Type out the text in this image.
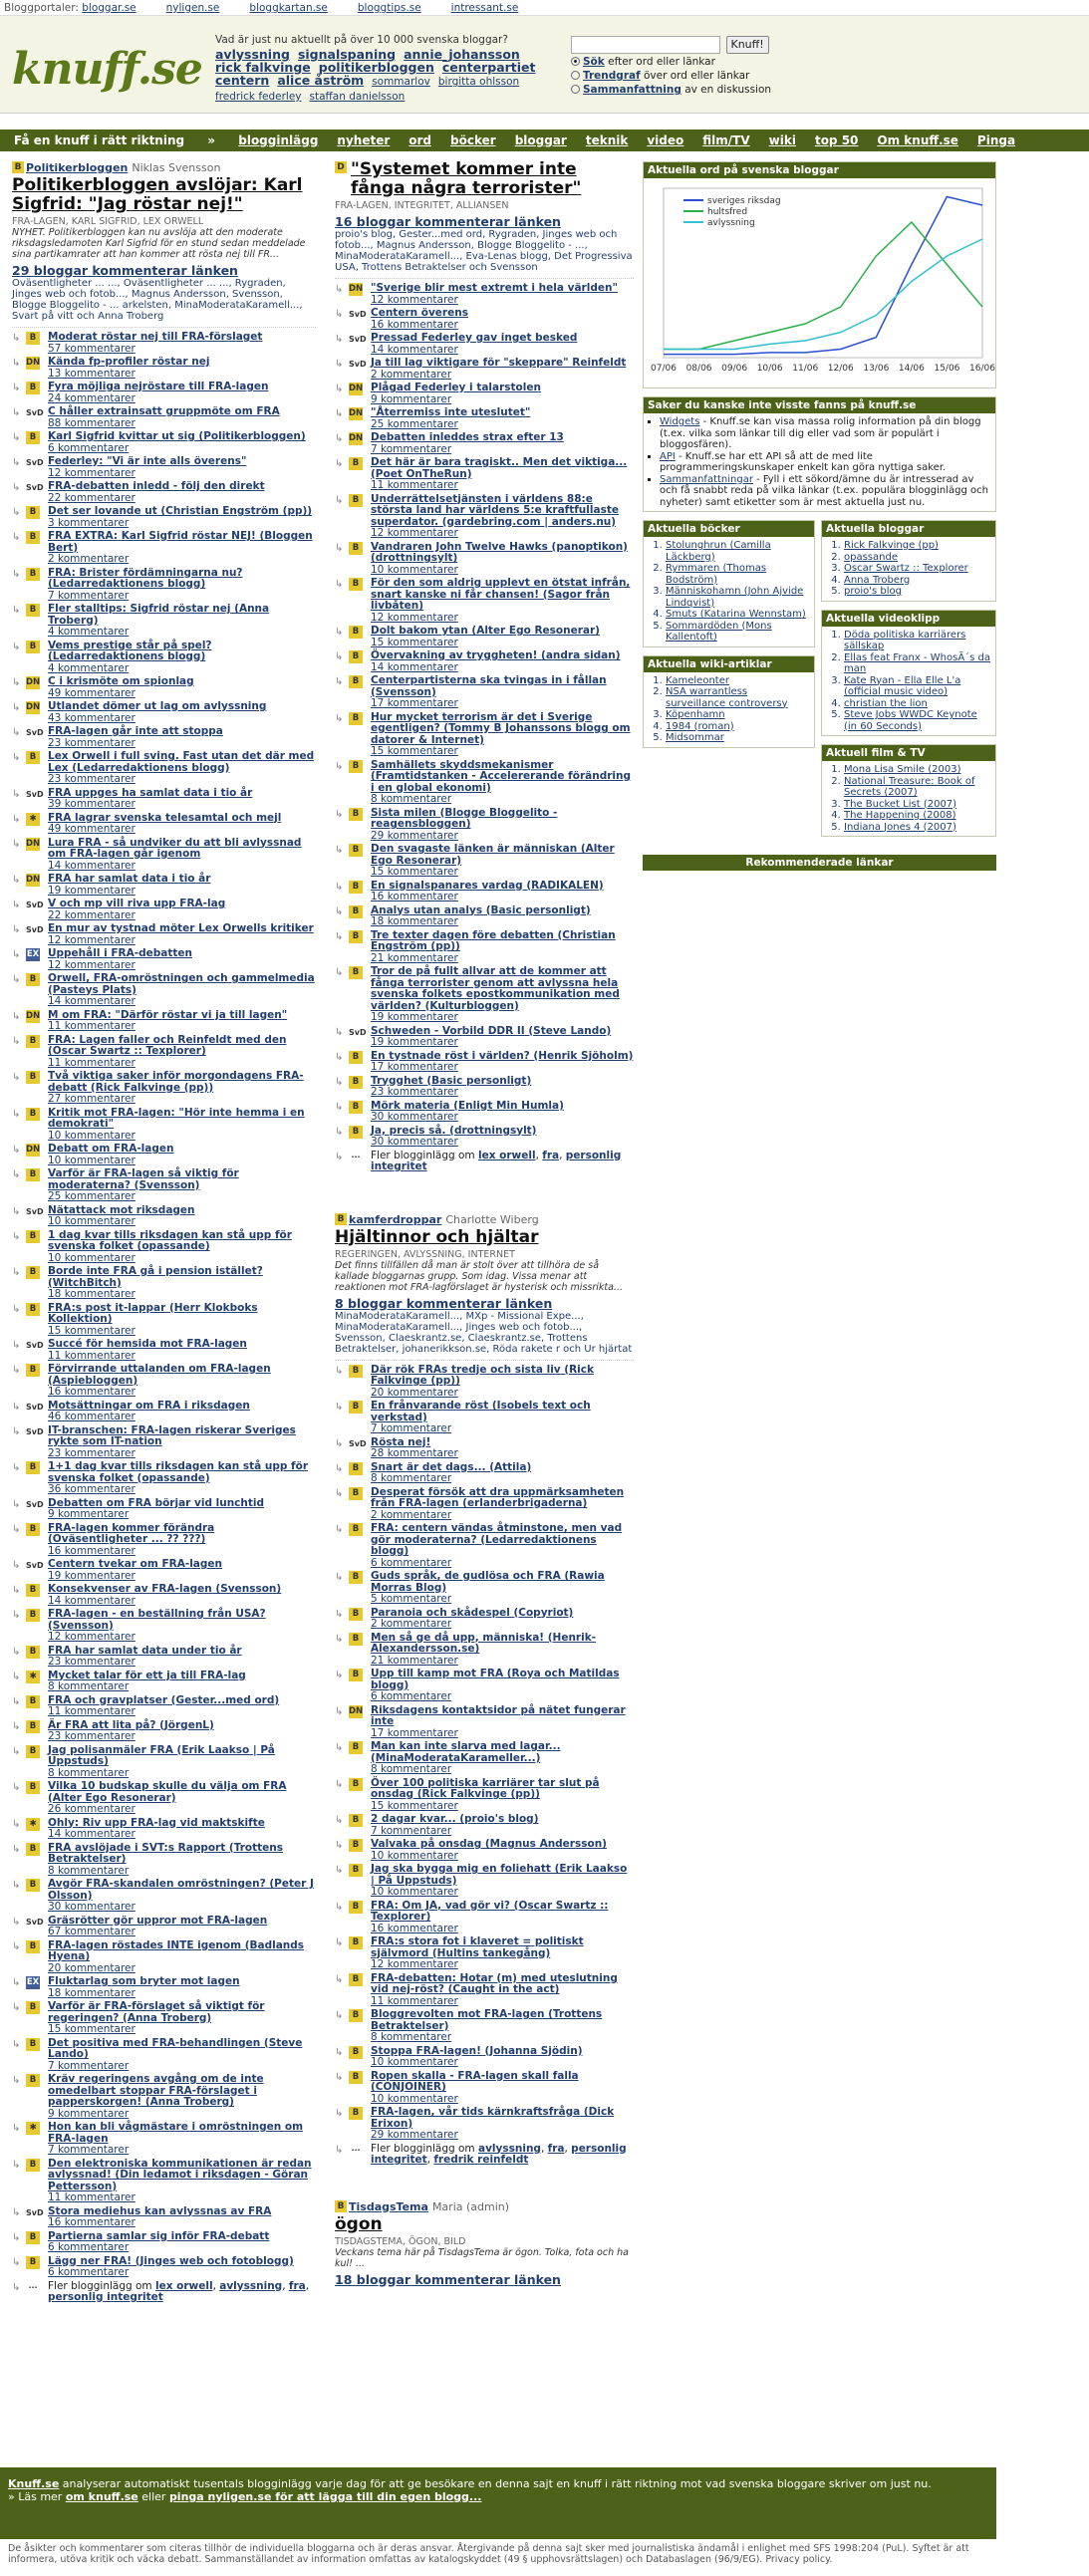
Bloggportaler: bloggar.se	nyligen.se	bloggkartan.se	bloggtips.se	intressant.se
knuff.se
Vad är just nu aktuellt på över 10 000 svenska bloggar?
avlyssning signalspaning annie_johanssonrick falkvinge politikerbloggen centerpartietcentern alice åström sommarlov birgitta ohlssonfredrick federley staffan danielsson
Knuff!
Sök efter ord eller länkar
Trendgraf över ord eller länkar
Sammanfattning av en diskussion
Få en knuff i rätt riktning » blogginlägg nyheter ord böcker bloggar teknik video film/TV wiki top 50 Om knuff.se Pinga
B Politikerbloggen Niklas Svensson
Politikerbloggen avslöjar: Karl Sigfrid: "Jag röstar nej!"
FRA-LAGEN, KARL SIGFRID, LEX ORWELL
NYHET. Politikerbloggen kan nu avslöja att den moderate riksdagsledamoten Karl Sigfrid för en stund sedan meddelade sina partikamrater att han kommer att rösta nej till FR...
29 bloggar kommenterar länken
Oväsentligheter ... ..., Oväsentligheter ... ..., Rygraden, Jinges web och fotob..., Magnus Andersson, Svensson, Blogge Bloggelito - ... arkelsten, MinaModerataKaramell..., Svart på vitt och Anna Troberg
↳	B	Moderat röstar nej till FRA-förslaget
57 kommentarer
↳ DN Kända fp-profiler röstar nej
13 kommentarer
↳	B	Fyra möjliga nejröstare till FRA-lagen
24 kommentarer
↳ SvD C håller extrainsatt gruppmöte om FRA
88 kommentarer
↳	B	Karl Sigfrid kvittar ut sig (Politikerbloggen)
6 kommentarer
↳ SvD Federley: "Vi är inte alls överens"
12 kommentarer
↳ SvD FRA-debatten inledd - följ den direkt
22 kommentarer
↳	B	Det ser lovande ut (Christian Engström (pp))
3 kommentarer
↳	B	FRA EXTRA: Karl Sigfrid röstar NEJ! (Bloggen Bert)
2 kommentarer
↳	B	FRA: Brister fördämningarna nu? (Ledarredaktionens blogg)
7 kommentarer
↳	B	Fler stalltips: Sigfrid röstar nej (Anna Troberg)
4 kommentarer
↳	B	Vems prestige står på spel? (Ledarredaktionens blogg)
4 kommentarer
↳ DN C i krismöte om spionlag
49 kommentarer
↳ DN Utlandet dömer ut lag om avlyssning
43 kommentarer
↳ SvD FRA-lagen går inte att stoppa
23 kommentarer
↳	B	Lex Orwell i full sving. Fast utan det där med Lex (Ledarredaktionens blogg)
23 kommentarer
↳ SvD FRA uppges ha samlat data i tio år
39 kommentarer
↳	✱	FRA lagrar svenska telesamtal och mejl
49 kommentarer
↳ DN Lura FRA - så undviker du att bli avlyssnad om FRA-lagen går igenom
14 kommentarer
↳ DN FRA har samlat data i tio år
19 kommentarer
↳ SvD V och mp vill riva upp FRA-lag
22 kommentarer
↳ SvD En mur av tystnad möter Lex Orwells kritiker
12 kommentarer
↳ EX Uppehåll i FRA-debatten
12 kommentarer
↳	B	Orwell, FRA-omröstningen och gammelmedia (Pasteys Plats)
14 kommentarer
↳ DN M om FRA: "Därför röstar vi ja till lagen"
11 kommentarer
↳	B	FRA: Lagen faller och Reinfeldt med den (Oscar Swartz :: Texplorer)
11 kommentarer
↳	B	Två viktiga saker inför morgondagens FRA-debatt (Rick Falkvinge (pp))
27 kommentarer
↳	B	Kritik mot FRA-lagen: "Hör inte hemma i en demokrati"
10 kommentarer
↳ DN Debatt om FRA-lagen
10 kommentarer
↳	B	Varför är FRA-lagen så viktig för moderaterna? (Svensson)
25 kommentarer
↳ SvD Nätattack mot riksdagen
10 kommentarer
↳	B	1 dag kvar tills riksdagen kan stå upp för svenska folket (opassande)
10 kommentarer
↳	B	Borde inte FRA gå i pension istället? (WitchBitch)
18 kommentarer
↳	B	FRA:s post it-lappar (Herr Klokboks Kollektion)
15 kommentarer
↳ SvD Succé för hemsida mot FRA-lagen
11 kommentarer
↳	B	Förvirrande uttalanden om FRA-lagen (Aspiebloggen)
16 kommentarer
↳ SvD Motsättningar om FRA i riksdagen
46 kommentarer
↳ SvD IT-branschen: FRA-lagen riskerar Sveriges rykte som IT-nation
23 kommentarer
↳	B	1+1 dag kvar tills riksdagen kan stå upp för svenska folket (opassande)
36 kommentarer
↳ SvD Debatten om FRA börjar vid lunchtid
9 kommentarer
↳	B	FRA-lagen kommer förändra (Oväsentligheter ... ?? ???)
16 kommentarer
↳ SvD Centern tvekar om FRA-lagen
19 kommentarer
↳	B	Konsekvenser av FRA-lagen (Svensson)
14 kommentarer
↳	B	FRA-lagen - en beställning från USA? (Svensson)
12 kommentarer
↳	B	FRA har samlat data under tio år
23 kommentarer
↳	✱	Mycket talar för ett ja till FRA-lag
8 kommentarer
↳	B	FRA och gravplatser (Gester...med ord)
11 kommentarer
↳	B	Är FRA att lita på? (JörgenL)
23 kommentarer
↳	B	Jag polisanmäler FRA (Erik Laakso | På Uppstuds)
8 kommentarer
↳	B	Vilka 10 budskap skulle du välja om FRA (Alter Ego Resonerar)
26 kommentarer
↳	✱	Ohly: Riv upp FRA-lag vid maktskifte
14 kommentarer
↳	B	FRA avslöjade i SVT:s Rapport (Trottens Betraktelser)
8 kommentarer
↳	B	Avgör FRA-skandalen omröstningen? (Peter J Olsson)
30 kommentarer
↳ SvD Gräsrötter gör uppror mot FRA-lagen
67 kommentarer
↳	B	FRA-lagen röstades INTE igenom (Badlands Hyena)
20 kommentarer
↳ EX Fluktarlag som bryter mot lagen
18 kommentarer
↳	B	Varför är FRA-förslaget så viktigt för regeringen? (Anna Troberg)
15 kommentarer
↳	B	Det positiva med FRA-behandlingen (Steve Lando)
7 kommentarer
↳	B	Kräv regeringens avgång om de inte omedelbart stoppar FRA-förslaget i papperskorgen! (Anna Troberg)
9 kommentarer
↳	✱	Hon kan bli vågmästare i omröstningen om FRA-lagen
7 kommentarer
↳	B	Den elektroniska kommunikationen är redan avlyssnad! (Din ledamot i riksdagen - Göran Pettersson)
11 kommentarer
↳ SvD Stora mediehus kan avlyssnas av FRA
16 kommentarer
↳	B	Partierna samlar sig inför FRA-debatt
6 kommentarer
↳	B	Lägg ner FRA! (Jinges web och fotoblogg)
6 kommentarer
↳	··· Fler blogginlägg om lex orwell, avlyssning, fra, personlig integritet
D "Systemet kommer inte fånga några terrorister"
FRA-LAGEN, INTEGRITET, ALLIANSEN
16 bloggar kommenterar länken
proio's blog, Gester...med ord, Rygraden, Jinges web och fotob..., Magnus Andersson, Blogge Bloggelito - ..., MinaModerataKaramell..., Eva-Lenas blogg, Det Progressiva USA, Trottens Betraktelser och Svensson
↳ DN "Sverige blir mest extremt i hela världen"
12 kommentarer
↳ SvD Centern överens
16 kommentarer
↳ SvD Pressad Federley gav inget besked
14 kommentarer
↳ SvD Ja till lag viktigare för "skeppare" Reinfeldt
2 kommentarer
↳ DN Plågad Federley i talarstolen
9 kommentarer
↳ DN "Återremiss inte uteslutet"
25 kommentarer
↳ DN Debatten inleddes strax efter 13
7 kommentarer
↳	B	Det här är bara tragiskt.. Men det viktiga... (Poet OnTheRun)
11 kommentarer
↳	B	Underrättelsetjänsten i världens 88:e största land har världens 5:e kraftfullaste superdator. (gardebring.com | anders.nu)
12 kommentarer
↳	B	Vandraren John Twelve Hawks (panoptikon) (drottningsylt)
10 kommentarer
↳	B	För den som aldrig upplevt en ötstat infrån, snart kanske ni får chansen! (Sagor från livbåten)
12 kommentarer
↳	B	Dolt bakom ytan (Alter Ego Resonerar)
15 kommentarer
↳	B	Övervakning av tryggheten! (andra sidan)
14 kommentarer
↳	B	Centerpartisterna ska tvingas in i fållan (Svensson)
17 kommentarer
↳	B	Hur mycket terrorism är det i Sverige egentligen? (Tommy B Johanssons blogg om datorer & Internet)
15 kommentarer
↳	B	Samhällets skyddsmekanismer (Framtidstanken - Accelererande förändring i en global ekonomi)
8 kommentarer
↳	B	Sista milen (Blogge Bloggelito - reagensbloggen)
29 kommentarer
↳	B	Den svagaste länken är människan (Alter Ego Resonerar)
15 kommentarer
↳	B	En signalspanares vardag (RADIKALEN)
16 kommentarer
↳	B	Analys utan analys (Basic personligt)
18 kommentarer
↳	B	Tre texter dagen före debatten (Christian Engström (pp))
21 kommentarer
↳	B	Tror de på fullt allvar att de kommer att fånga terrorister genom att avlyssna hela svenska folkets epostkommunikation med världen? (Kulturbloggen)
19 kommentarer
↳ SvD Schweden - Vorbild DDR II (Steve Lando)
19 kommentarer
↳	B	En tystnade röst i världen? (Henrik Sjöholm)
17 kommentarer
↳	B	Trygghet (Basic personligt)
23 kommentarer
↳	B	Mörk materia (Enligt Min Humla)
30 kommentarer
↳	B	Ja, precis så. (drottningsylt)
30 kommentarer
↳	··· Fler blogginlägg om lex orwell, fra, personlig integritet
B kamferdroppar Charlotte Wiberg
Hjältinnor och hjältar
REGERINGEN, AVLYSSNING, INTERNET
Det finns tillfällen då man är stolt över att tillhöra de så kallade bloggarnas grupp. Som idag. Vissa menar att reaktionen mot FRA-lagförslaget är hysterisk och missrikta...
8 bloggar kommenterar länken
MinaModerataKaramell..., MXp - Missional Expe..., MinaModerataKaramell..., Jinges web och fotob..., Svensson, Claeskrantz.se, Claeskrantz.se, Trottens Betraktelser, johanerikkson.se, Röda rakete r och Ur hjärtat
↳	B	Där rök FRAs tredje och sista liv (Rick Falkvinge (pp))
20 kommentarer
↳	B	En frånvarande röst (Isobels text och verkstad)
7 kommentarer
↳ SvD Rösta nej!
28 kommentarer
↳	B	Snart är det dags... (Attila)
8 kommentarer
↳	B	Desperat försök att dra uppmärksamheten från FRA-lagen (erlanderbrigaderna)
2 kommentarer
↳	B	FRA: centern vändas åtminstone, men vad gör moderaterna? (Ledarredaktionens blogg)
6 kommentarer
↳	B	Guds språk, de gudlösa och FRA (Rawia Morras Blog)
5 kommentarer
↳	B	Paranoia och skådespel (Copyriot)
2 kommentarer
↳	B	Men så ge då upp, människa! (Henrik-Alexandersson.se)
21 kommentarer
↳	B	Upp till kamp mot FRA (Roya och Matildas blogg)
6 kommentarer
↳ DN Riksdagens kontaktsidor på nätet fungerar inte
17 kommentarer
↳	B	Man kan inte slarva med lagar... (MinaModerataKarameller...)
8 kommentarer
↳	B	Över 100 politiska karriärer tar slut på onsdag (Rick Falkvinge (pp))
15 kommentarer
↳	B	2 dagar kvar... (proio's blog)
7 kommentarer
↳	B	Valvaka på onsdag (Magnus Andersson)
10 kommentarer
↳	B	Jag ska bygga mig en foliehatt (Erik Laakso | På Uppstuds)
10 kommentarer
↳	B	FRA: Om JA, vad gör vi? (Oscar Swartz :: Texplorer)
16 kommentarer
↳	B	FRA:s stora fot i klaveret = politiskt självmord (Hultins tankegång)
12 kommentarer
↳	B	FRA-debatten: Hotar (m) med uteslutning vid nej-röst? (Caught in the act)
11 kommentarer
↳	B	Bloggrevolten mot FRA-lagen (Trottens Betraktelser)
8 kommentarer
↳	B	Stoppa FRA-lagen! (Johanna Sjödin)
10 kommentarer
↳	B	Ropen skalla - FRA-lagen skall falla (CONJOINER)
10 kommentarer
↳	B	FRA-lagen, vår tids kärnkraftsfråga (Dick Erixon)
29 kommentarer
↳	··· Fler blogginlägg om avlyssning, fra, personlig integritet, fredrik reinfeldt
B TisdagsTema Maria (admin)
ögon
TISDAGSTEMA, ÖGON, BILD
Veckans tema här på TisdagsTema är ögon. Tolka, fota och ha kul! ...
18 bloggar kommenterar länken
Aktuella ord på svenska bloggar
sveriges riksdag
hultsfred
avlyssning
07/06 08/06 09/06 10/06 11/06 12/06 13/06 14/06 15/06 16/06
Saker du kanske inte visste fanns på knuff.se
▪ Widgets - Knuff.se kan visa massa rolig information på din blogg (t.ex. vilka som länkar till dig eller vad som är populärt i bloggosfären).
▪ API - Knuff.se har ett API så att de med lite programmeringskunskaper enkelt kan göra nyttiga saker.
▪ Sammanfattningar - Fyll i ett sökord/ämne du är intresserad av och få snabbt reda på vilka länkar (t.ex. populära blogginlägg och nyheter) samt etiketter som är mest aktuella just nu.
Aktuella böcker
1. Stolunghrun (Camilla Läckberg)
2. Rymmaren (Thomas Bodström)
3. Människohamn (John Ajvide Lindqvist)
4. Smuts (Katarina Wennstam)
5. Sommardöden (Mons Kallentoft)
Aktuella wiki-artiklar
1. Kameleonter
2. NSA warrantless surveillance controversy
3. Köpenhamn
4. 1984 (roman)
5. Midsommar
Aktuella bloggar
1. Rick Falkvinge (pp)
2. opassande
3. Oscar Swartz :: Texplorer
4. Anna Troberg
5. proio's blog
Aktuella videoklipp
1. Döda politiska karriärers sällskap
2. Ellas feat Franx - WhosÃ´s da man
3. Kate Ryan - Ella Elle L'a (official music video)
4. christian the lion
5. Steve Jobs WWDC Keynote (in 60 Seconds)
Aktuell film & TV
1. Mona Lisa Smile (2003)
2. National Treasure: Book of Secrets (2007)
3. The Bucket List (2007)
4. The Happening (2008)
5. Indiana Jones 4 (2007)
Rekommenderade länkar
Knuff.se analyserar automatiskt tusentals blogginlägg varje dag för att ge besökare en denna sajt en knuff i rätt riktning mot vad svenska bloggare skriver om just nu.
» Läs mer om knuff.se eller pinga nyligen.se för att lägga till din egen blogg...
De åsikter och kommentarer som citeras tillhör de individuella bloggarna och är deras ansvar. Återgivande på denna sajt sker med journalistiska ändamål i enlighet med SFS 1998:204 (PuL). Syftet är att informera, utöva kritik och väcka debatt. Sammanställandet av information omfattas av katalogskyddet (49 § upphovsrättslagen) och Databaslagen (96/9/EG). Privacy policy.
